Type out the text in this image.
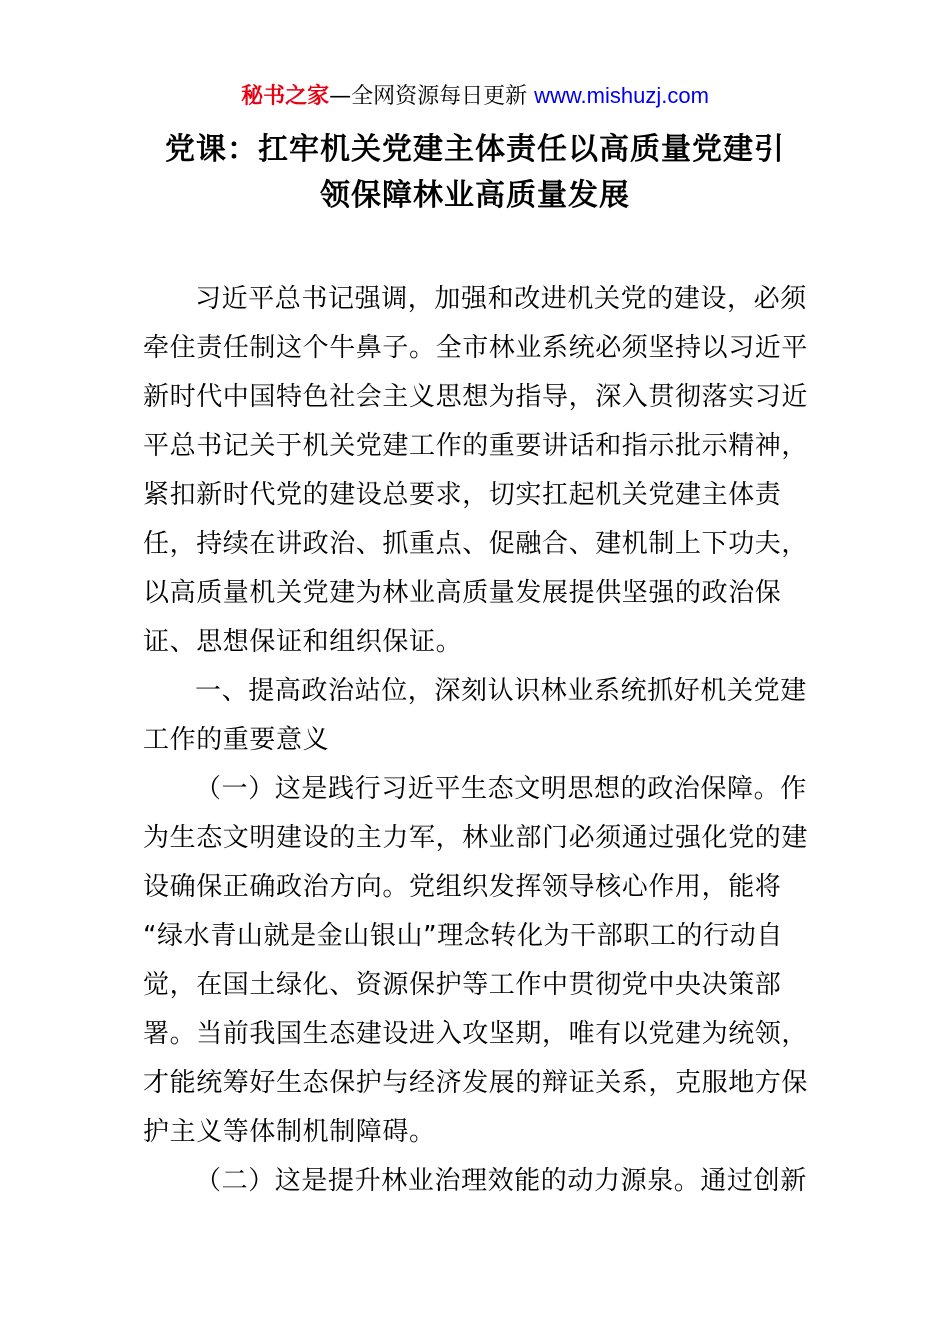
秘书之家—全网资源每日更新 www.mishuzj.com
党课：扛牢机关党建主体责任以高质量党建引
领保障林业高质量发展
习近平总书记强调，加强和改进机关党的建设，必须
牵住责任制这个牛鼻子。全市林业系统必须坚持以习近平
新时代中国特色社会主义思想为指导，深入贯彻落实习近
平总书记关于机关党建工作的重要讲话和指示批示精神，
紧扣新时代党的建设总要求，切实扛起机关党建主体责
任，持续在讲政治、抓重点、促融合、建机制上下功夫，
以高质量机关党建为林业高质量发展提供坚强的政治保
证、思想保证和组织保证。
一、提高政治站位，深刻认识林业系统抓好机关党建
工作的重要意义
（一）这是践行习近平生态文明思想的政治保障。作
为生态文明建设的主力军，林业部门必须通过强化党的建
设确保正确政治方向。党组织发挥领导核心作用，能将
“绿水青山就是金山银山”理念转化为干部职工的行动自
觉，在国土绿化、资源保护等工作中贯彻党中央决策部
署。当前我国生态建设进入攻坚期，唯有以党建为统领，
才能统筹好生态保护与经济发展的辩证关系，克服地方保
护主义等体制机制障碍。
（二）这是提升林业治理效能的动力源泉。通过创新
